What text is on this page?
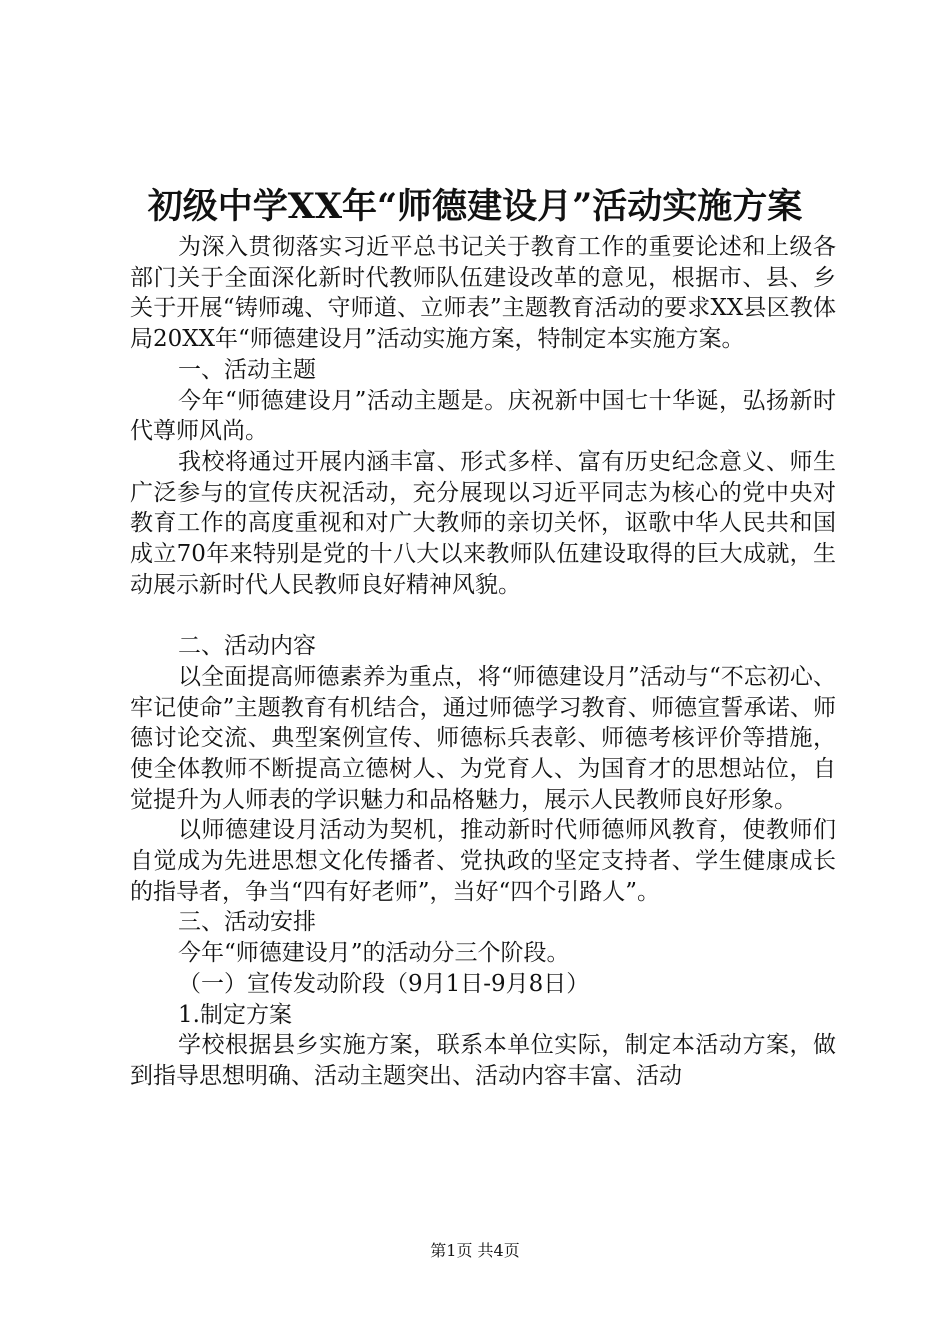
初级中学XX年“师德建设月”活动实施方案

为深入贯彻落实习近平总书记关于教育工作的重要论述和上级各部门关于全面深化新时代教师队伍建设改革的意见，根据市、县、乡关于开展“铸师魂、守师道、立师表”主题教育活动的要求XX县区教体局20XX年“师德建设月”活动实施方案，特制定本实施方案。

一、活动主题

今年“师德建设月”活动主题是。庆祝新中国七十华诞，弘扬新时代尊师风尚。

我校将通过开展内涵丰富、形式多样、富有历史纪念意义、师生广泛参与的宣传庆祝活动，充分展现以习近平同志为核心的党中央对教育工作的高度重视和对广大教师的亲切关怀，讴歌中华人民共和国成立70年来特别是党的十八大以来教师队伍建设取得的巨大成就，生动展示新时代人民教师良好精神风貌。

二、活动内容

以全面提高师德素养为重点，将“师德建设月”活动与“不忘初心、牢记使命”主题教育有机结合，通过师德学习教育、师德宣誓承诺、师德讨论交流、典型案例宣传、师德标兵表彰、师德考核评价等措施，使全体教师不断提高立德树人、为党育人、为国育才的思想站位，自觉提升为人师表的学识魅力和品格魅力，展示人民教师良好形象。

以师德建设月活动为契机，推动新时代师德师风教育，使教师们自觉成为先进思想文化传播者、党执政的坚定支持者、学生健康成长的指导者，争当“四有好老师”，当好“四个引路人”。

三、活动安排

今年“师德建设月”的活动分三个阶段。

（一）宣传发动阶段（9月1日-9月8日）

1.制定方案

学校根据县乡实施方案，联系本单位实际，制定本活动方案，做到指导思想明确、活动主题突出、活动内容丰富、活动

第1页 共4页
